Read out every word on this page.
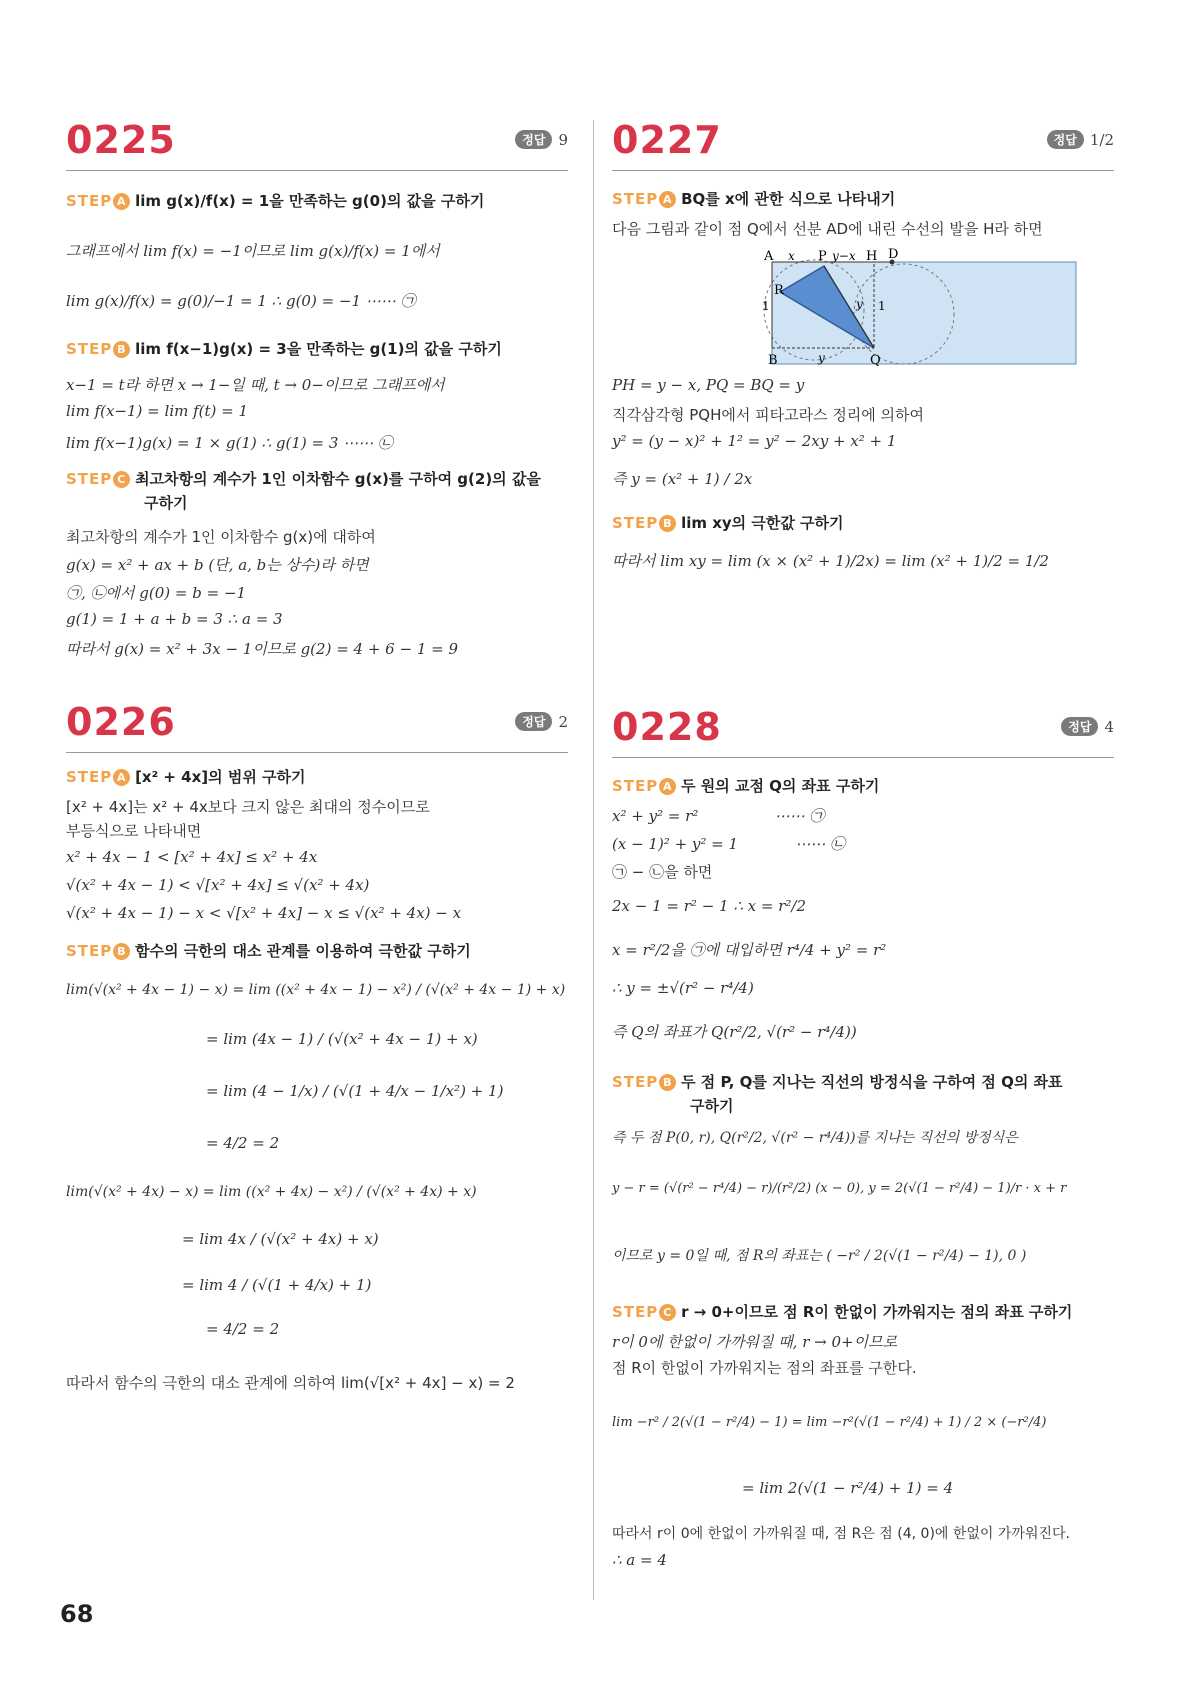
0225	정답 9
STEP A lim g(x)/f(x) = 1을 만족하는 g(0)의 값을 구하기
그래프에서 lim f(x) = −1이므로 lim g(x)/f(x) = 1에서
lim g(x)/f(x) = g(0)/−1 = 1 ∴ g(0) = −1 ⋯⋯ ㉠
STEP B lim f(x−1)g(x) = 3을 만족하는 g(1)의 값을 구하기
x−1 = t라 하면 x → 1−일 때, t → 0−이므로 그래프에서
lim f(x−1) = lim f(t) = 1
lim f(x−1)g(x) = 1 × g(1) ∴ g(1) = 3 ⋯⋯ ㉡
STEP C 최고차항의 계수가 1인 이차함수 g(x)를 구하여 g(2)의 값을
구하기
최고차항의 계수가 1인 이차함수 g(x)에 대하여
g(x) = x² + ax + b (단, a, b는 상수)라 하면
㉠, ㉡에서 g(0) = b = −1
g(1) = 1 + a + b = 3 ∴ a = 3
따라서 g(x) = x² + 3x − 1이므로 g(2) = 4 + 6 − 1 = 9
0226	정답 2
STEP A [x² + 4x]의 범위 구하기
[x² + 4x]는 x² + 4x보다 크지 않은 최대의 정수이므로
부등식으로 나타내면
x² + 4x − 1 < [x² + 4x] ≤ x² + 4x
√(x² + 4x − 1) < √[x² + 4x] ≤ √(x² + 4x)
√(x² + 4x − 1) − x < √[x² + 4x] − x ≤ √(x² + 4x) − x
STEP B 함수의 극한의 대소 관계를 이용하여 극한값 구하기
lim(√(x² + 4x − 1) − x) = lim ((x² + 4x − 1) − x²) / (√(x² + 4x − 1) + x)
= lim (4x − 1) / (√(x² + 4x − 1) + x)
= lim (4 − 1/x) / (√(1 + 4/x − 1/x²) + 1)
= 4/2 = 2
lim(√(x² + 4x) − x) = lim ((x² + 4x) − x²) / (√(x² + 4x) + x)
= lim 4x / (√(x² + 4x) + x)
= lim 4 / (√(1 + 4/x) + 1)
= 4/2 = 2
따라서 함수의 극한의 대소 관계에 의하여 lim(√[x² + 4x] − x) = 2
0227	정답 1/2
STEP A BQ를 x에 관한 식으로 나타내기
다음 그림과 같이 점 Q에서 선분 AD에 내린 수선의 발을 H라 하면
A x P y−x H D
1	1
R
y
B	y	Q
PH = y − x, PQ = BQ = y
직각삼각형 PQH에서 피타고라스 정리에 의하여
y² = (y − x)² + 1² = y² − 2xy + x² + 1
즉 y = (x² + 1) / 2x
STEP B lim xy의 극한값 구하기
따라서 lim xy = lim (x × (x² + 1)/2x) = lim (x² + 1)/2 = 1/2
0228	정답 4
STEP A 두 원의 교점 Q의 좌표 구하기
x² + y² = r²                ⋯⋯ ㉠
(x − 1)² + y² = 1            ⋯⋯ ㉡
㉠ − ㉡을 하면
2x − 1 = r² − 1 ∴ x = r²/2
x = r²/2을 ㉠에 대입하면 r⁴/4 + y² = r²
∴ y = ±√(r² − r⁴/4)
즉 Q의 좌표가 Q(r²/2, √(r² − r⁴/4))
STEP B 두 점 P, Q를 지나는 직선의 방정식을 구하여 점 Q의 좌표
구하기
즉 두 점 P(0, r), Q(r²/2, √(r² − r⁴/4))를 지나는 직선의 방정식은
y − r = (√(r² − r⁴/4) − r)/(r²/2) (x − 0), y = 2(√(1 − r²/4) − 1)/r · x + r
이므로 y = 0일 때, 점 R의 좌표는 ( −r² / 2(√(1 − r²/4) − 1), 0 )
STEP C r → 0+이므로 점 R이 한없이 가까워지는 점의 좌표 구하기
r이 0에 한없이 가까워질 때, r → 0+이므로
점 R이 한없이 가까워지는 점의 좌표를 구한다.
lim −r² / 2(√(1 − r²/4) − 1) = lim −r²(√(1 − r²/4) + 1) / 2 × (−r²/4)
= lim 2(√(1 − r²/4) + 1) = 4
따라서 r이 0에 한없이 가까워질 때, 점 R은 점 (4, 0)에 한없이 가까워진다.
∴ a = 4
68
